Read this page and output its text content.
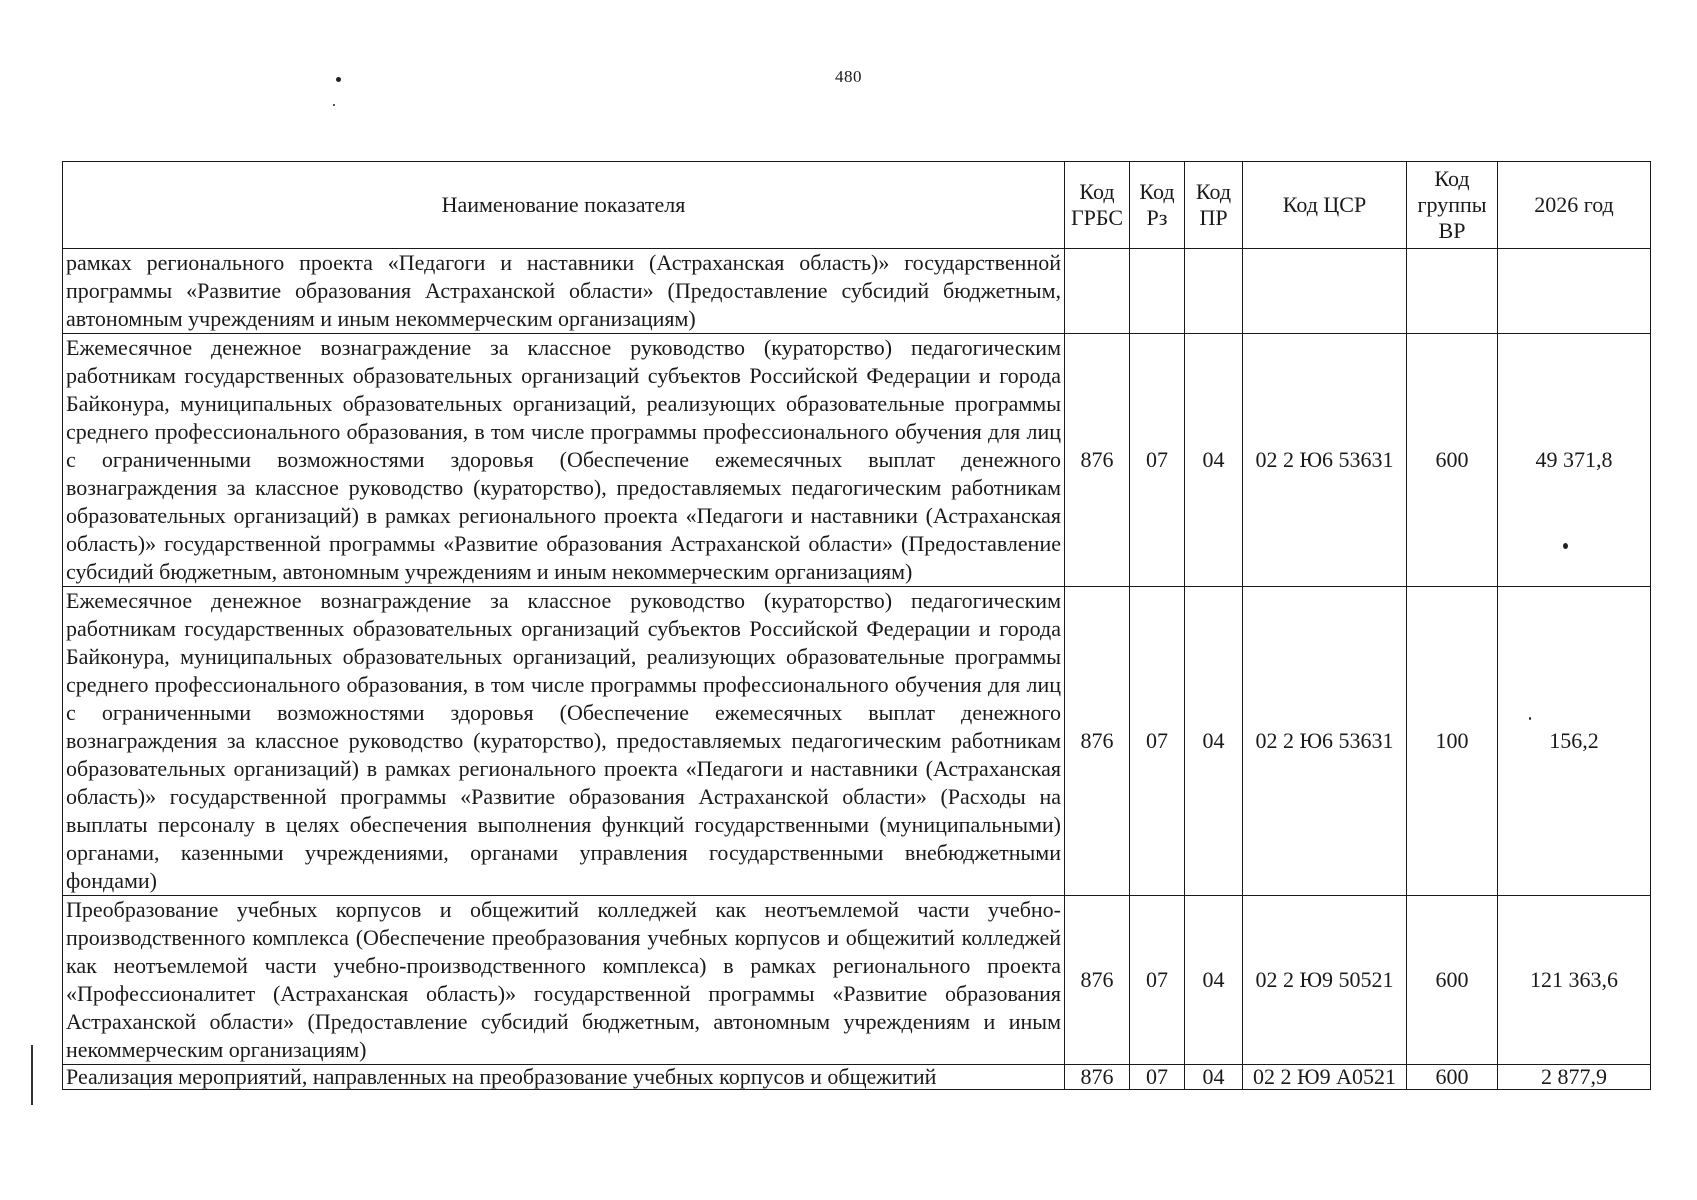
480
Наименование показателя	Код ГРБС	Код Рз	Код ПР	Код ЦСР	Код группы ВР	2026 год
рамках регионального проекта «Педагоги и наставники (Астраханская область)» государственной программы «Развитие образования Астраханской области» (Предоставление субсидий бюджетным, автономным учреждениям и иным некоммерческим организациям)						
Ежемесячное денежное вознаграждение за классное руководство (кураторство) педагогическим работникам государственных образовательных организаций субъектов Российской Федерации и города Байконура, муниципальных образовательных организаций, реализующих образовательные программы среднего профессионального образования, в том числе программы профессионального обучения для лиц с ограниченными возможностями здоровья (Обеспечение ежемесячных выплат денежного вознаграждения за классное руководство (кураторство), предоставляемых педагогическим работникам образовательных организаций) в рамках регионального проекта «Педагоги и наставники (Астраханская область)» государственной программы «Развитие образования Астраханской области» (Предоставление субсидий бюджетным, автономным учреждениям и иным некоммерческим организациям)	876	07	04	02 2 Ю6 53631	600	49 371,8
Ежемесячное денежное вознаграждение за классное руководство (кураторство) педагогическим работникам государственных образовательных организаций субъектов Российской Федерации и города Байконура, муниципальных образовательных организаций, реализующих образовательные программы среднего профессионального образования, в том числе программы профессионального обучения для лиц с ограниченными возможностями здоровья (Обеспечение ежемесячных выплат денежного вознаграждения за классное руководство (кураторство), предоставляемых педагогическим работникам образовательных организаций) в рамках регионального проекта «Педагоги и наставники (Астраханская область)» государственной программы «Развитие образования Астраханской области» (Расходы на выплаты персоналу в целях обеспечения выполнения функций государственными (муниципальными) органами, казенными учреждениями, органами управления государственными внебюджетными фондами)	876	07	04	02 2 Ю6 53631	100	156,2
Преобразование учебных корпусов и общежитий колледжей как неотъемлемой части учебно-производственного комплекса (Обеспечение преобразования учебных корпусов и общежитий колледжей как неотъемлемой части учебно-производственного комплекса) в рамках регионального проекта «Профессионалитет (Астраханская область)» государственной программы «Развитие образования Астраханской области» (Предоставление субсидий бюджетным, автономным учреждениям и иным некоммерческим организациям)	876	07	04	02 2 Ю9 50521	600	121 363,6
Реализация мероприятий, направленных на преобразование учебных корпусов и общежитий	876	07	04	02 2 Ю9 А0521	600	2 877,9
